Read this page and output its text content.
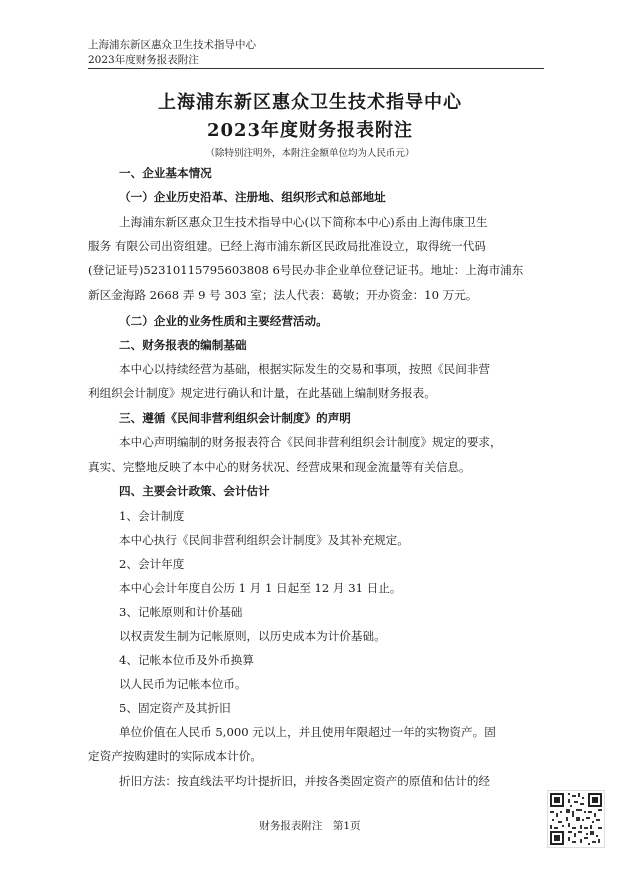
上海浦东新区惠众卫生技术指导中心
2023年度财务报表附注
上海浦东新区惠众卫生技术指导中心
2023年度财务报表附注
（除特别注明外，本附注金额单位均为人民币元）
一、企业基本情况
（一）企业历史沿革、注册地、组织形式和总部地址
上海浦东新区惠众卫生技术指导中心(以下简称本中心)系由上海伟康卫生
服务 有限公司出资组建。已经上海市浦东新区民政局批准设立，取得统一代码
(登记证号)52310115795603808 6号民办非企业单位登记证书。地址：上海市浦东
新区金海路 2668 弄 9 号 303 室；法人代表：葛敏；开办资金：10 万元。
（二）企业的业务性质和主要经营活动。
二、财务报表的编制基础
本中心以持续经营为基础，根据实际发生的交易和事项，按照《民间非营
利组织会计制度》规定进行确认和计量，在此基础上编制财务报表。
三、遵循《民间非营利组织会计制度》的声明
本中心声明编制的财务报表符合《民间非营利组织会计制度》规定的要求，
真实、完整地反映了本中心的财务状况、经营成果和现金流量等有关信息。
四、主要会计政策、会计估计
1、会计制度
本中心执行《民间非营利组织会计制度》及其补充规定。
2、会计年度
本中心会计年度自公历 1 月 1 日起至 12 月 31 日止。
3、记帐原则和计价基础
以权责发生制为记帐原则，以历史成本为计价基础。
4、记帐本位币及外币换算
以人民币为记帐本位币。
5、固定资产及其折旧
单位价值在人民币 5,000 元以上，并且使用年限超过一年的实物资产。固
定资产按购建时的实际成本计价。
折旧方法：按直线法平均计提折旧，并按各类固定资产的原值和估计的经
财务报表附注　第1页
